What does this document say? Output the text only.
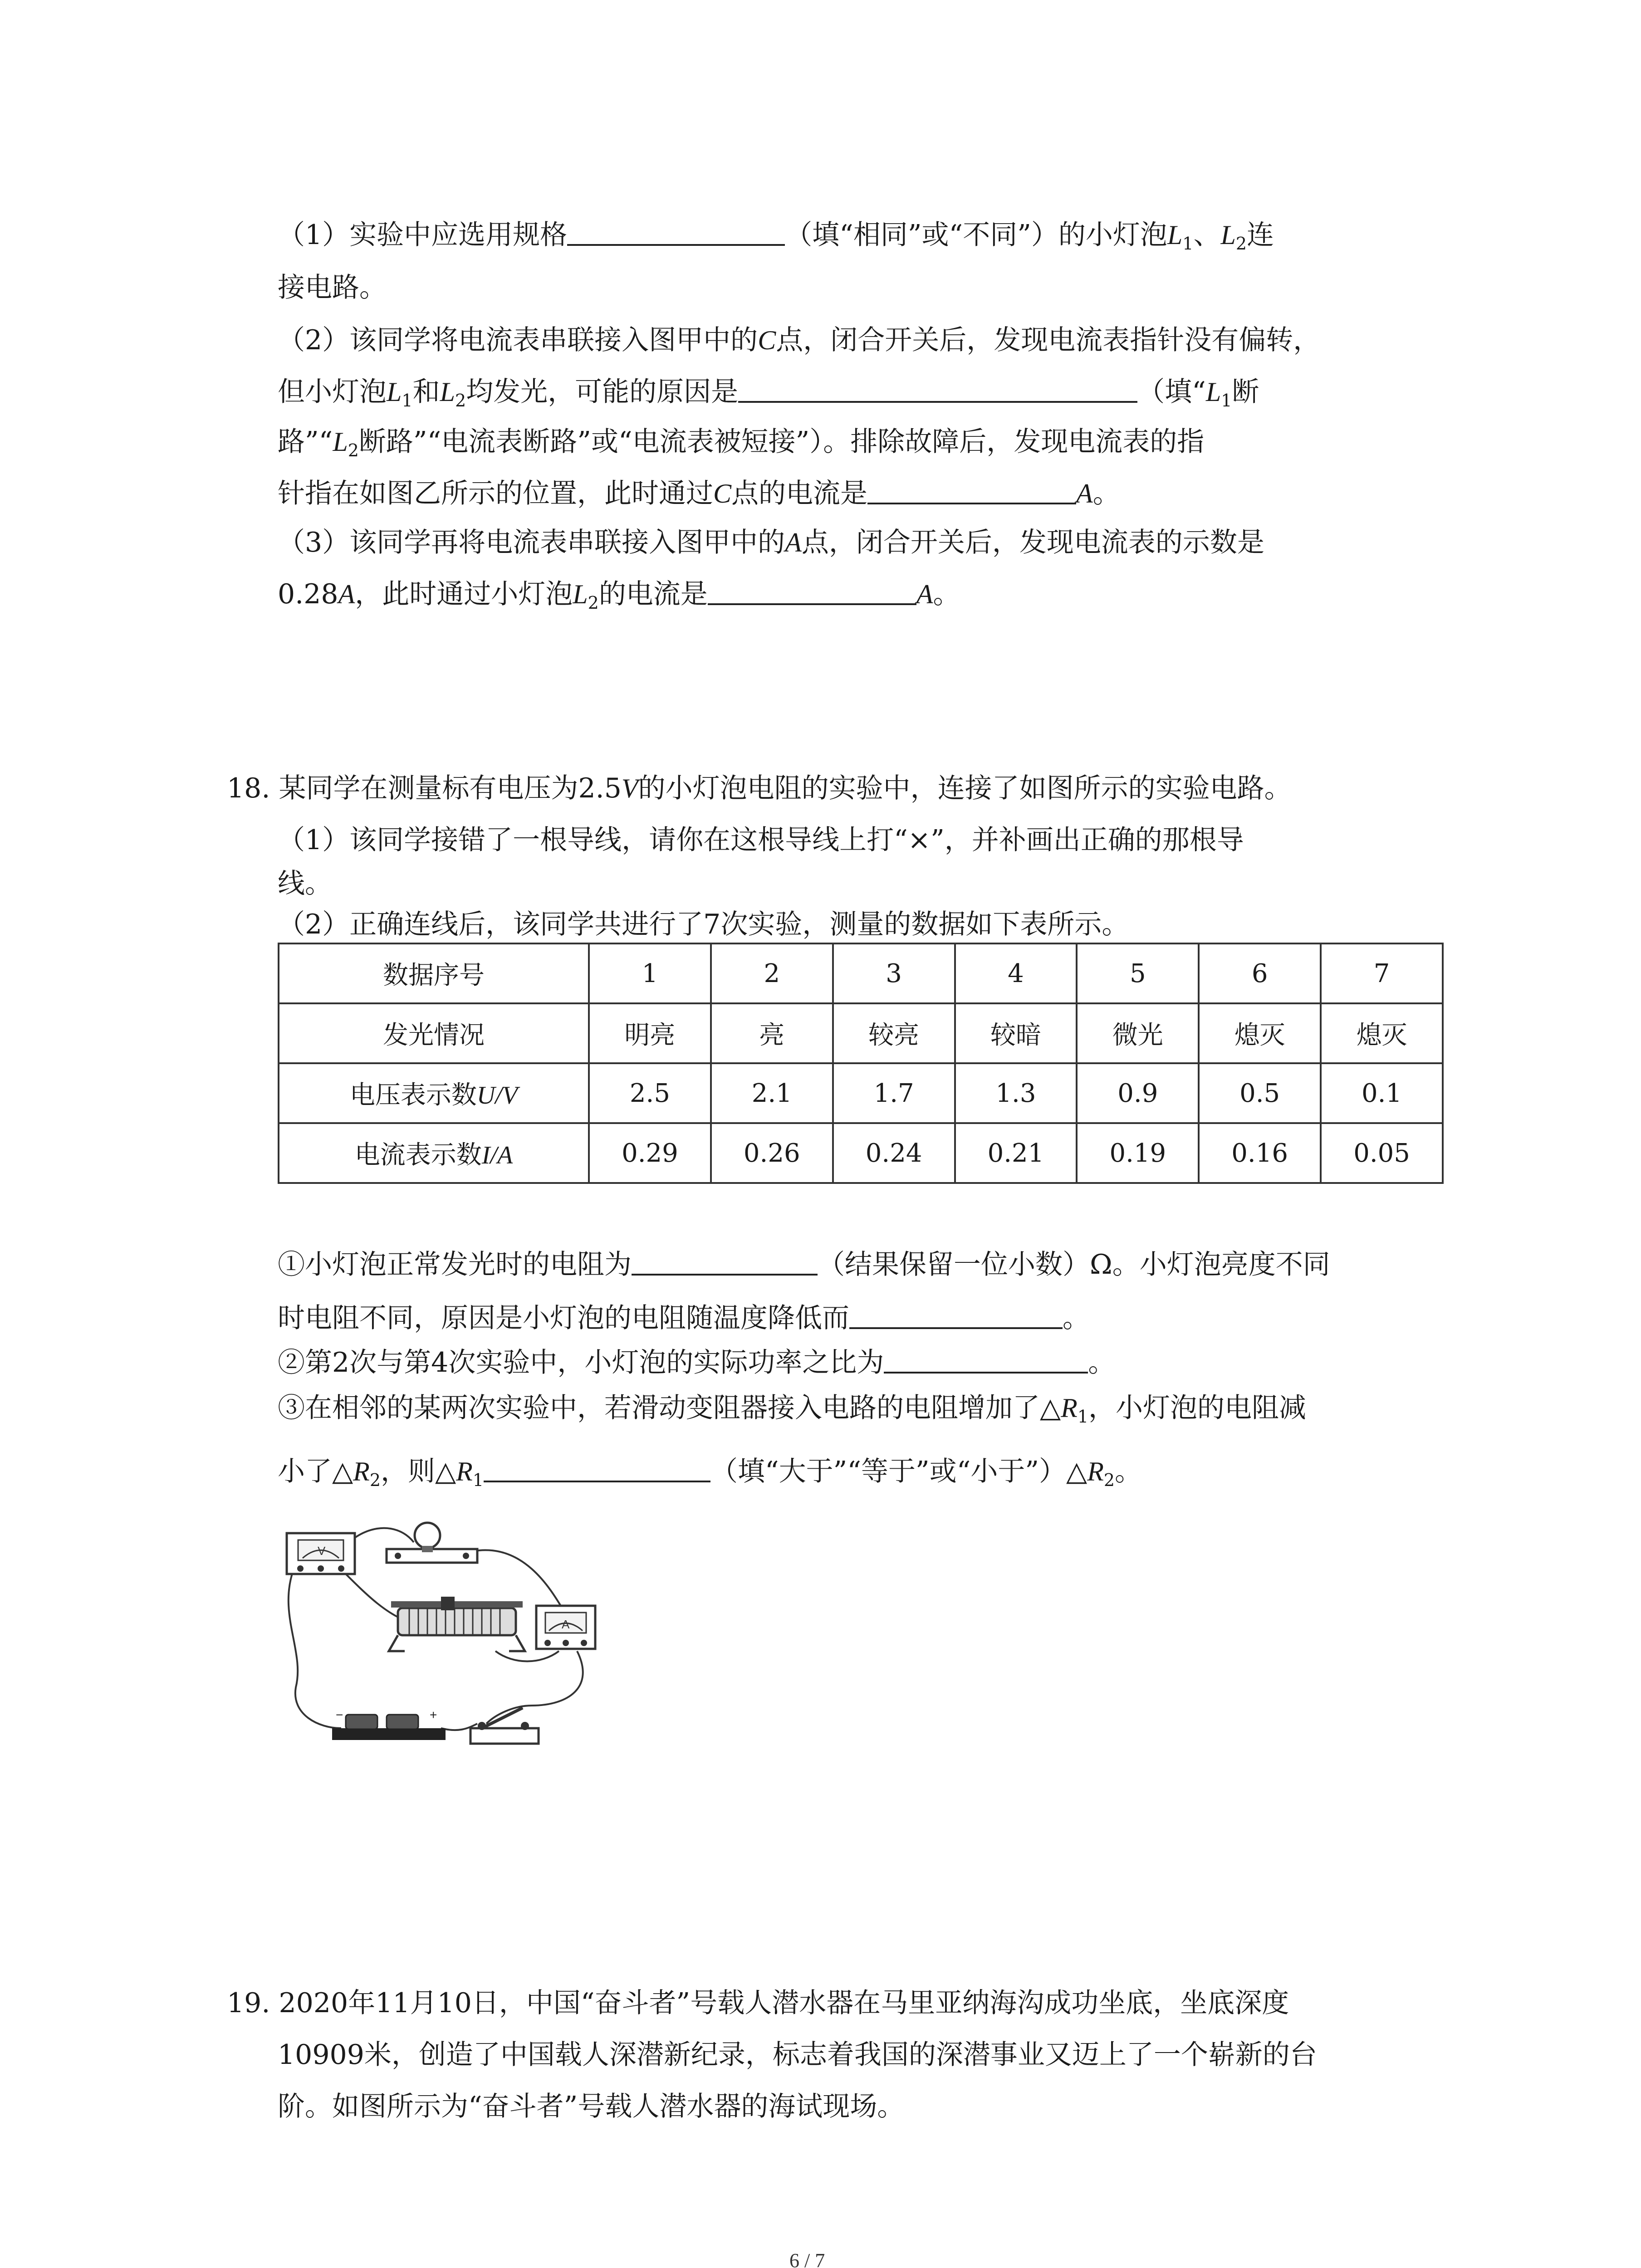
（1）实验中应选用规格	（填“相同”或“不同”）的小灯泡$L_1$、$L_2$连
接电路。
（2）该同学将电流表串联接入图甲中的C点，闭合开关后，发现电流表指针没有偏转，
但小灯泡$L_1$和$L_2$均发光，可能的原因是	（填“$L_1$断
路$”“L_2$断路”“电流表断路”或“电流表被短接”）。排除故障后，发现电流表的指
针指在如图乙所示的位置，此时通过C点的电流是	A。
（3）该同学再将电流表串联接入图甲中的A点，闭合开关后，发现电流表的示数是
0.28A，此时通过小灯泡$L_2$的电流是	A。
18. 某同学在测量标有电压为2.5V的小灯泡电阻的实验中，连接了如图所示的实验电路。
（1）该同学接错了一根导线，请你在这根导线上打“×”，并补画出正确的那根导
线。
（2）正确连线后，该同学共进行了7次实验，测量的数据如下表所示。
数据序号	1	2	3	4	5	6	7
发光情况	明亮	亮	较亮	较暗	微光	熄灭	熄灭
电压表示数U/V	2.5	2.1	1.7	1.3	0.9	0.5	0.1
电流表示数I/A	0.29	0.26	0.24	0.21	0.19	0.16	0.05
①小灯泡正常发光时的电阻为	（结果保留一位小数）Ω。小灯泡亮度不同
时电阻不同，原因是小灯泡的电阻随温度降低而	。
②第2次与第4次实验中，小灯泡的实际功率之比为	。
③在相邻的某两次实验中，若滑动变阻器接入电路的电阻增加了$\triangle R_1$，小灯泡的电阻减
小了$\triangle R_2$，则$\triangle R_1$	（填“大于”“等于”或“小于$”)\triangle R_2$。
V
A
−	+
19. 2020年11月10日，中国“奋斗者”号载人潜水器在马里亚纳海沟成功坐底，坐底深度
10909米，创造了中国载人深潜新纪录，标志着我国的深潜事业又迈上了一个崭新的台
阶。如图所示为“奋斗者”号载人潜水器的海试现场。
6 / 7
